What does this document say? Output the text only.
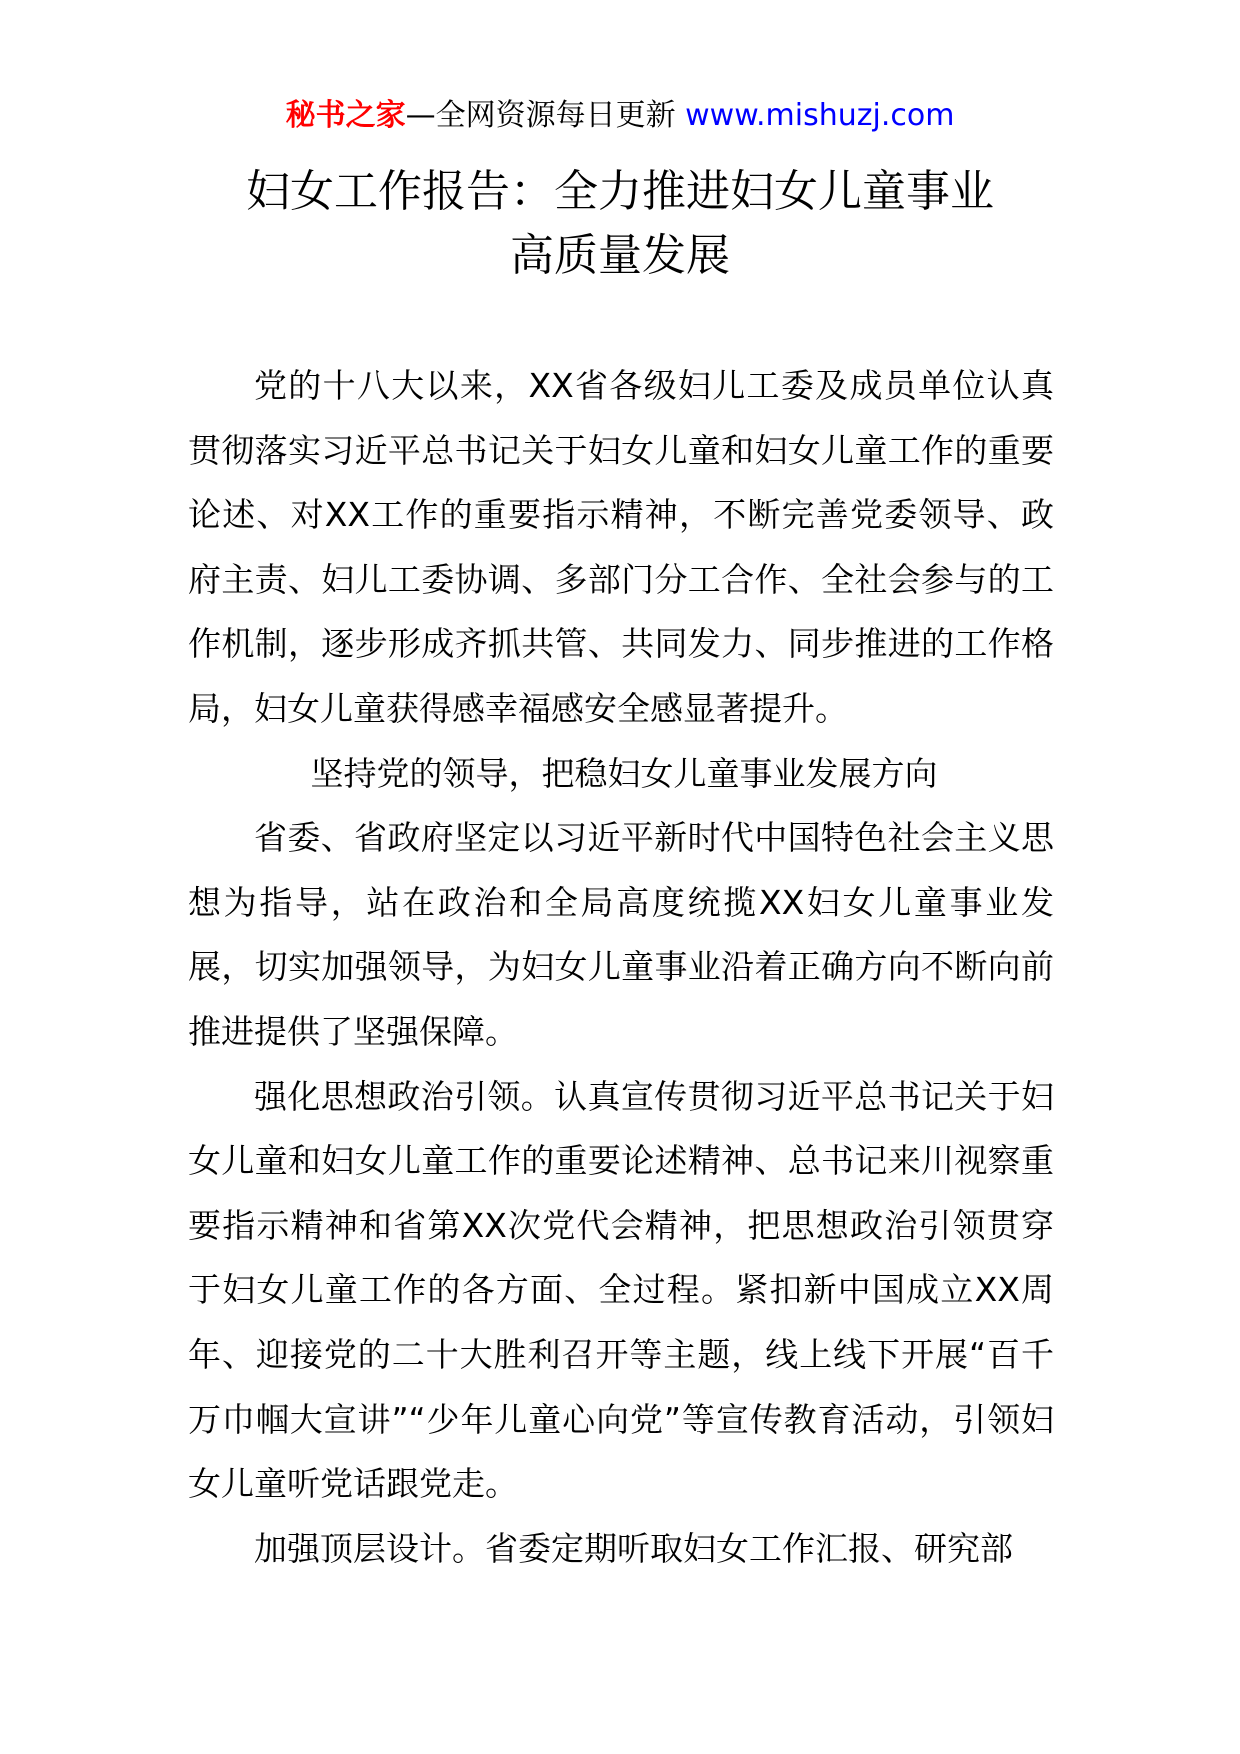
秘书之家—全网资源每日更新 www.mishuzj.com
妇女工作报告：全力推进妇女儿童事业
高质量发展

党的十八大以来，XX省各级妇儿工委及成员单位认真贯彻落实习近平总书记关于妇女儿童和妇女儿童工作的重要论述、对XX工作的重要指示精神，不断完善党委领导、政府主责、妇儿工委协调、多部门分工合作、全社会参与的工作机制，逐步形成齐抓共管、共同发力、同步推进的工作格局，妇女儿童获得感幸福感安全感显著提升。

坚持党的领导，把稳妇女儿童事业发展方向

省委、省政府坚定以习近平新时代中国特色社会主义思想为指导，站在政治和全局高度统揽XX妇女儿童事业发展，切实加强领导，为妇女儿童事业沿着正确方向不断向前推进提供了坚强保障。

强化思想政治引领。认真宣传贯彻习近平总书记关于妇女儿童和妇女儿童工作的重要论述精神、总书记来川视察重要指示精神和省第XX次党代会精神，把思想政治引领贯穿于妇女儿童工作的各方面、全过程。紧扣新中国成立XX周年、迎接党的二十大胜利召开等主题，线上线下开展“百千万巾帼大宣讲”“少年儿童心向党”等宣传教育活动，引领妇女儿童听党话跟党走。

加强顶层设计。省委定期听取妇女工作汇报、研究部
